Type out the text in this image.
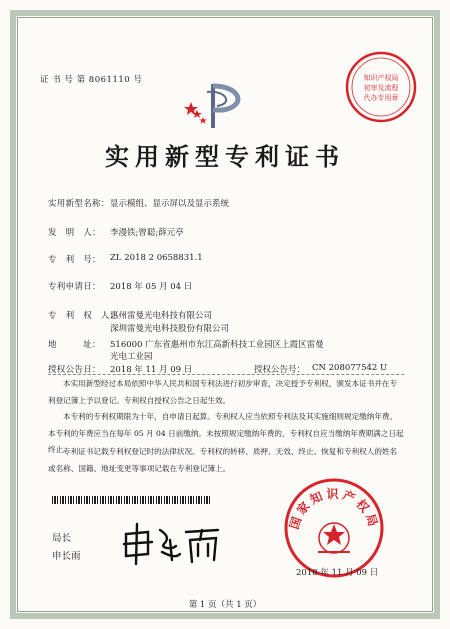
证 书 号 第 8061110 号	知识产权局
初审及流程
代办专用章
实用新型专利证书
实用新型名称： 显示模组、显示屏以及显示系统
发　明　人： 李漫铁;曾聪;薛元亭
专　利　号： ZL 2018 2 0658831.1
专利申请日： 2018 年 05 月 04 日
专　利　权　人：
惠州雷曼光电科技有限公司
深圳雷曼光电科技股份有限公司
地　　　址： 516000 广东省惠州市东江高新科技工业园区上霞区雷曼
光电工业园
授权公告日： 2018 年 11 月 09 日	授权公告号： CN 208077542 U
本实用新型经过本局依照中华人民共和国专利法进行初步审查，决定授予专利权，颁发本证书并在专利登记簿上予以登记。专利权自授权公告之日起生效。
本专利的专利权期限为十年，自申请日起算。专利权人应当依照专利法及其实施细则规定缴纳年费。本专利的年费应当在每年 05 月 04 日前缴纳。未按照规定缴纳年费的，专利权自应当缴纳年费期满之日起终止。
专利证书记载专利权登记时的法律状况。专利权的转移、质押、无效、终止、恢复和专利权人的姓名或名称、国籍、地址变更等事项记载在专利登记簿上。
局长
申长雨
国家知识产权局
2018 年 11 月 09 日
第 1 页（共 1 页）
